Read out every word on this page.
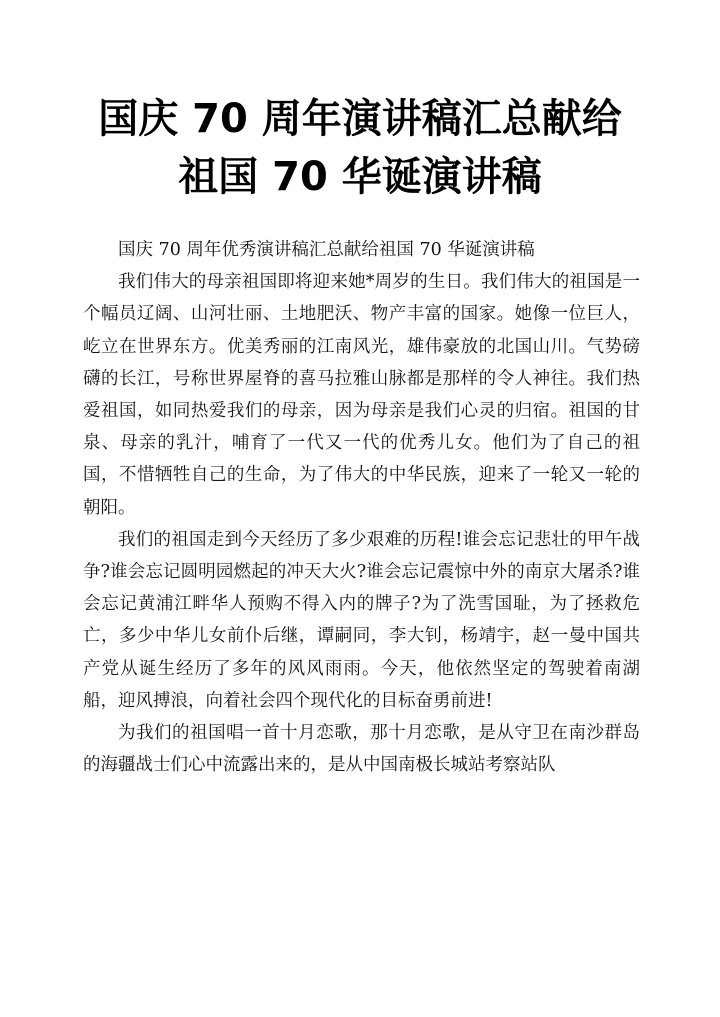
国庆 70 周年演讲稿汇总献给
祖国 70 华诞演讲稿

国庆 70 周年优秀演讲稿汇总献给祖国 70 华诞演讲稿

我们伟大的母亲祖国即将迎来她*周岁的生日。我们伟大的祖国是一个幅员辽阔、山河壮丽、土地肥沃、物产丰富的国家。她像一位巨人，屹立在世界东方。优美秀丽的江南风光，雄伟豪放的北国山川。气势磅礴的长江，号称世界屋脊的喜马拉雅山脉都是那样的令人神往。我们热爱祖国，如同热爱我们的母亲，因为母亲是我们心灵的归宿。祖国的甘泉、母亲的乳汁，哺育了一代又一代的优秀儿女。他们为了自己的祖国，不惜牺牲自己的生命，为了伟大的中华民族，迎来了一轮又一轮的朝阳。

我们的祖国走到今天经历了多少艰难的历程!谁会忘记悲壮的甲午战争?谁会忘记圆明园燃起的冲天大火?谁会忘记震惊中外的南京大屠杀?谁会忘记黄浦江畔华人预购不得入内的牌子?为了洗雪国耻，为了拯救危亡，多少中华儿女前仆后继，谭嗣同，李大钊，杨靖宇，赵一曼中国共产党从诞生经历了多年的风风雨雨。今天，他依然坚定的驾驶着南湖船，迎风搏浪，向着社会四个现代化的目标奋勇前进!

为我们的祖国唱一首十月恋歌，那十月恋歌，是从守卫在南沙群岛的海疆战士们心中流露出来的，是从中国南极长城站考察站队
